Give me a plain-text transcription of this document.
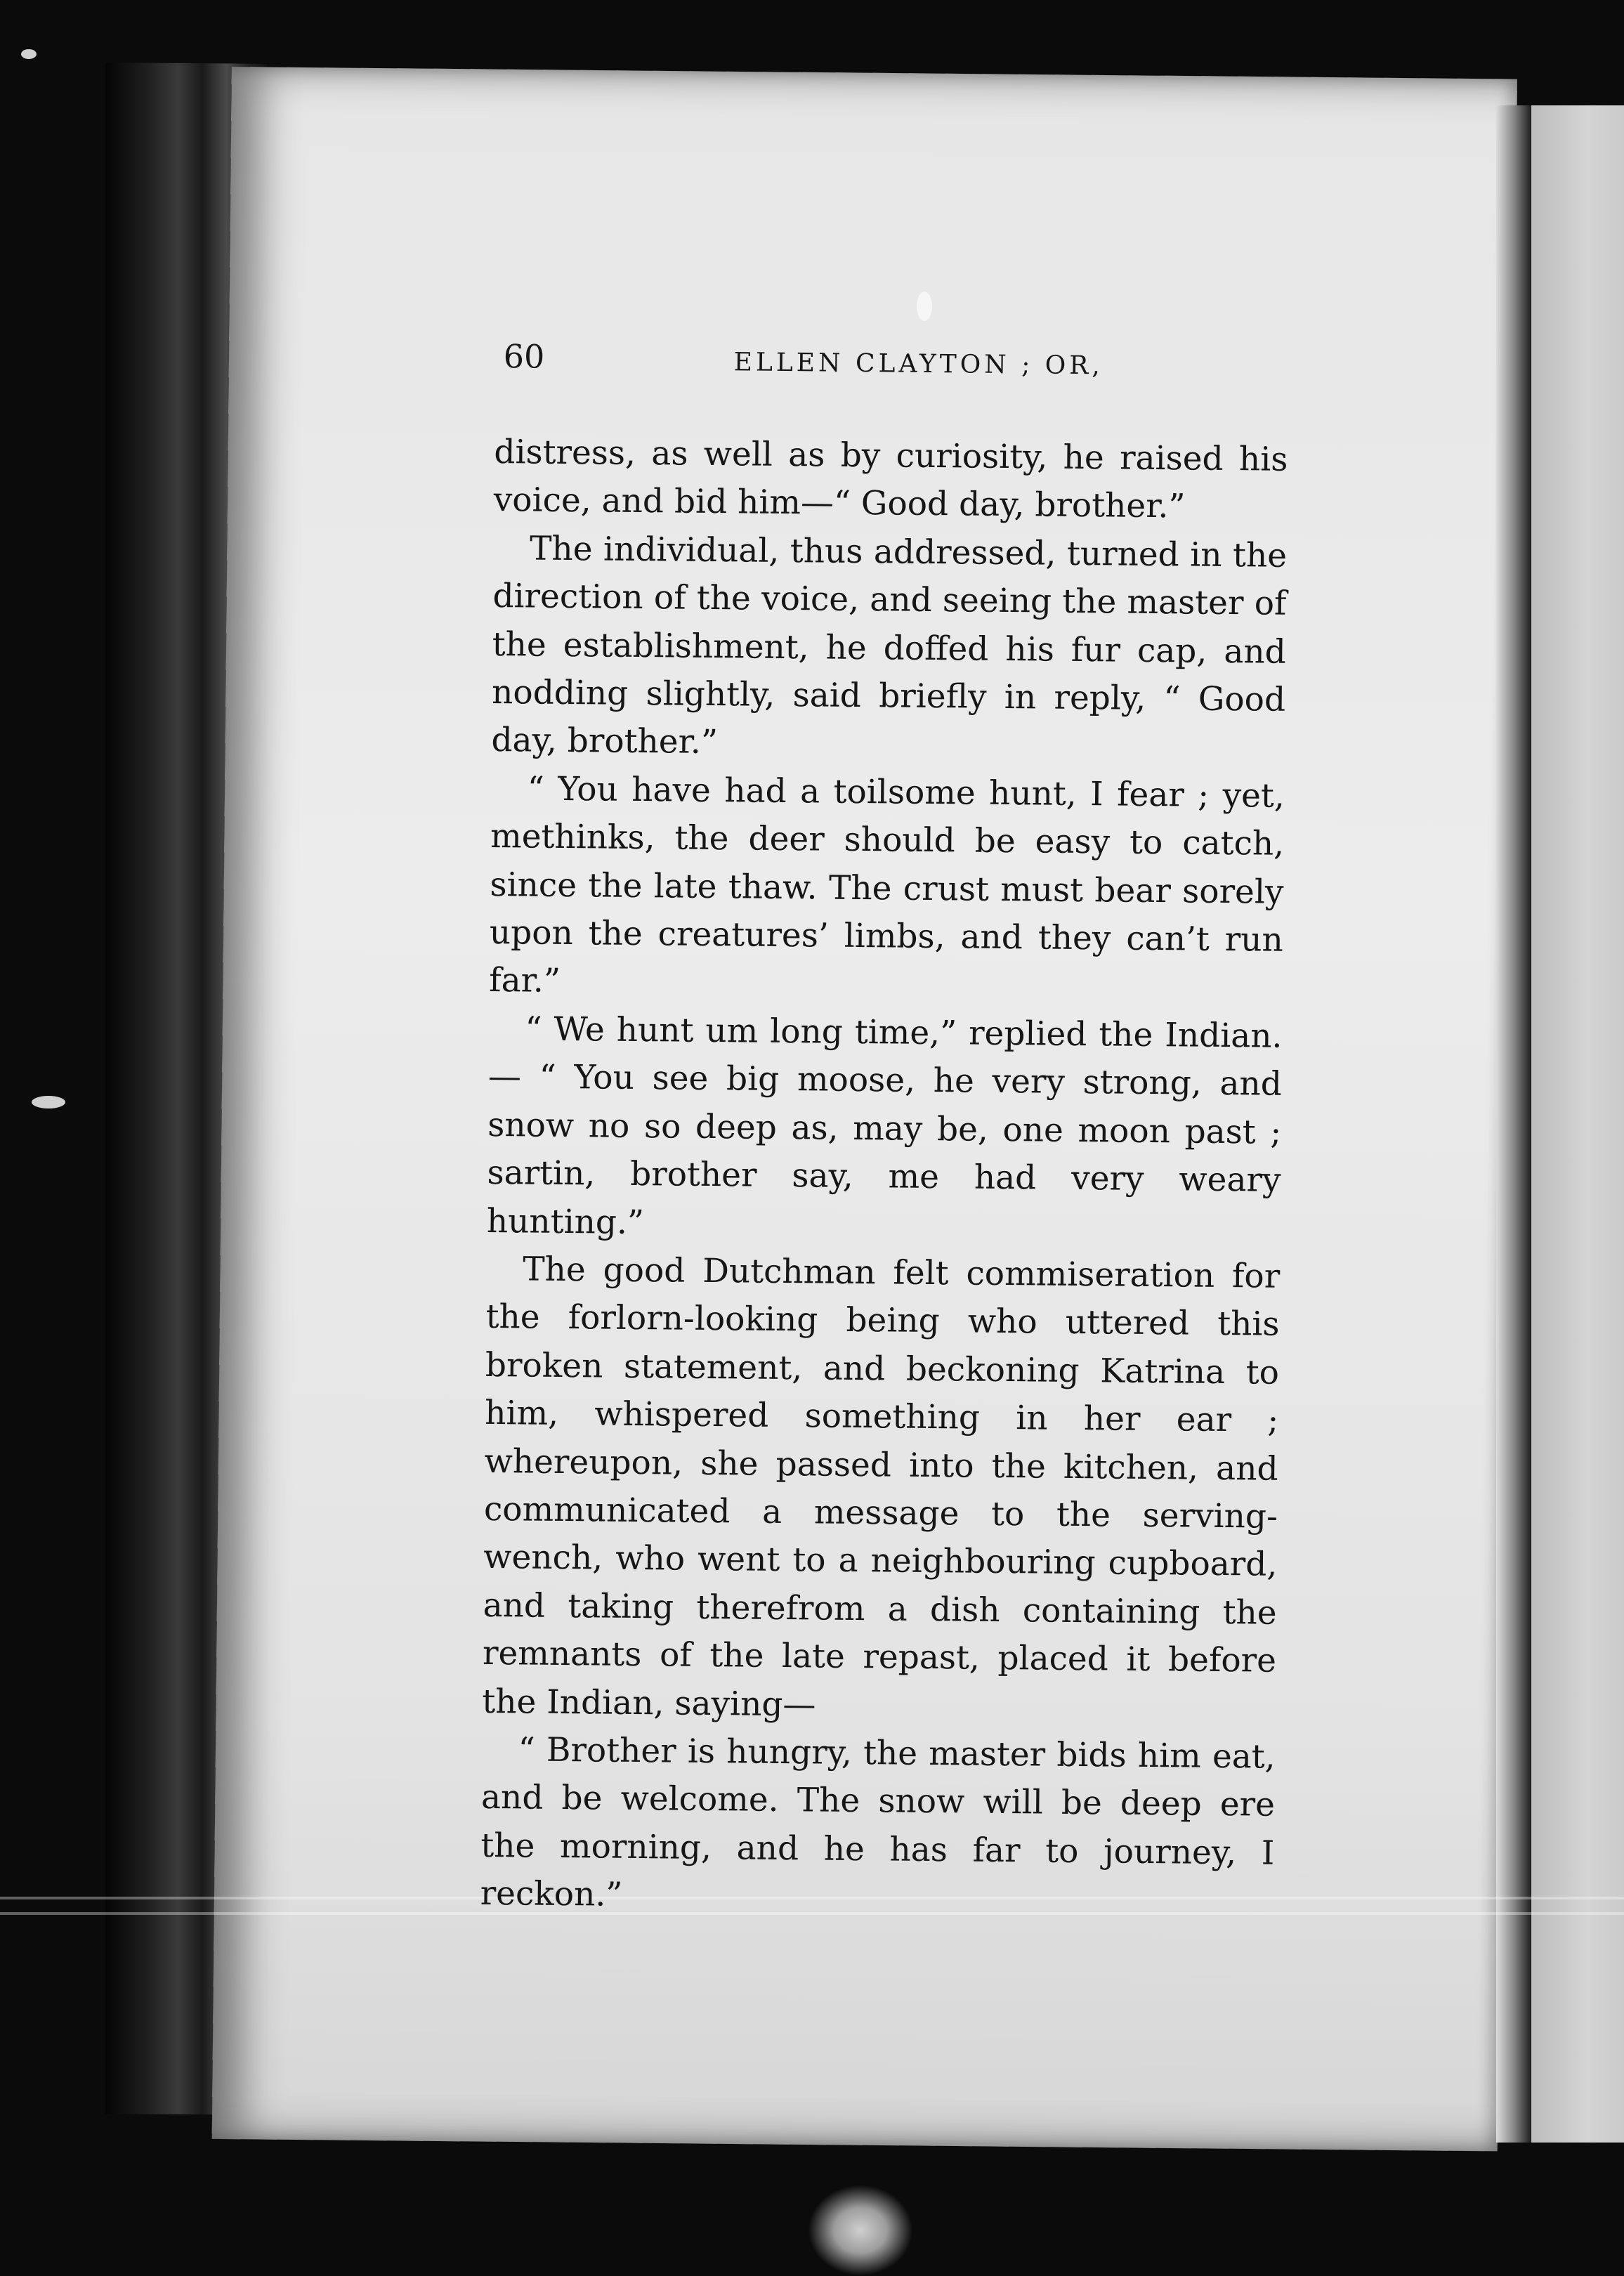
60	ELLEN CLAYTON ; OR,

distress, as well as by curiosity, he raised his voice, and bid him—“ Good day, brother.”

The individual, thus addressed, turned in the direction of the voice, and seeing the master of the establishment, he doffed his fur cap, and nodding slightly, said briefly in reply, “ Good day, brother.”

“ You have had a toilsome hunt, I fear ; yet, methinks, the deer should be easy to catch, since the late thaw. The crust must bear sorely upon the creatures’ limbs, and they can’t run far.”

“ We hunt um long time,” replied the Indian.— “ You see big moose, he very strong, and snow no so deep as, may be, one moon past ; sartin, brother say, me had very weary hunting.”

The good Dutchman felt commiseration for the forlorn-looking being who uttered this broken statement, and beckoning Katrina to him, whispered something in her ear ; whereupon, she passed into the kitchen, and communicated a message to the serving-wench, who went to a neighbouring cupboard, and taking therefrom a dish containing the remnants of the late repast, placed it before the Indian, saying—

“ Brother is hungry, the master bids him eat, and be welcome. The snow will be deep ere the morning, and he has far to journey, I reckon.”
